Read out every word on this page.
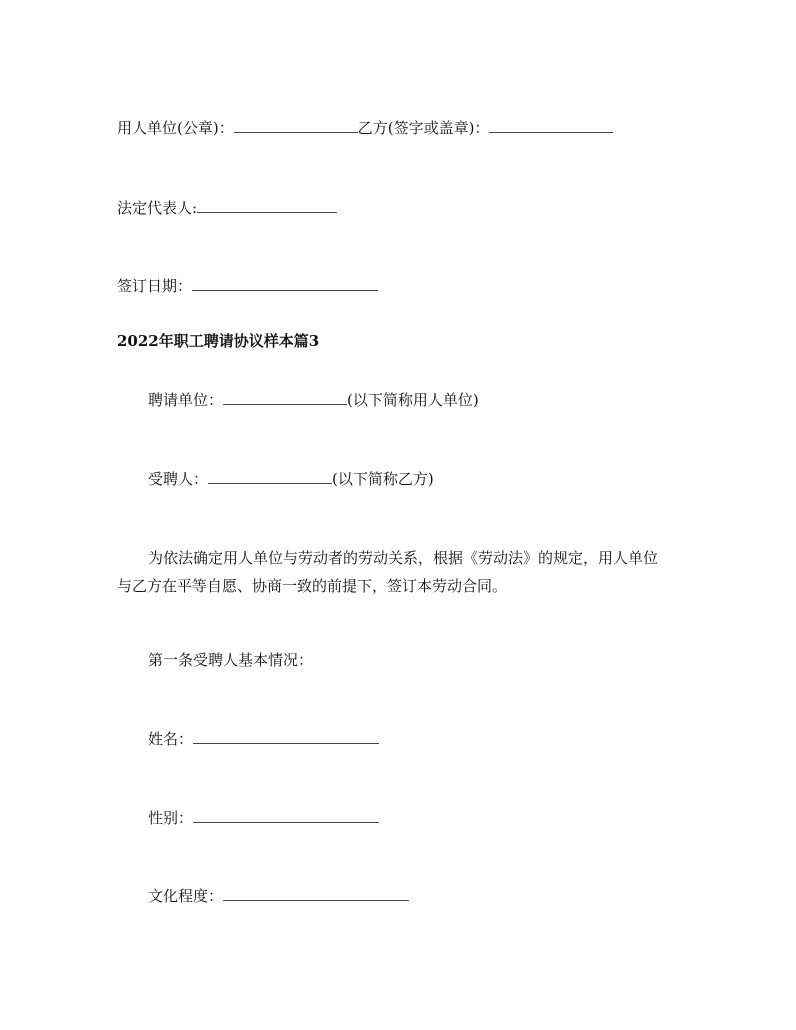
用人单位(公章)：	乙方(签字或盖章)：
法定代表人:
签订日期：
2022年职工聘请协议样本篇3
聘请单位：	(以下简称用人单位)
受聘人：	(以下简称乙方)
为依法确定用人单位与劳动者的劳动关系，根据《劳动法》的规定，用人单位
与乙方在平等自愿、协商一致的前提下，签订本劳动合同。
第一条受聘人基本情况：
姓名：
性别：
文化程度：
